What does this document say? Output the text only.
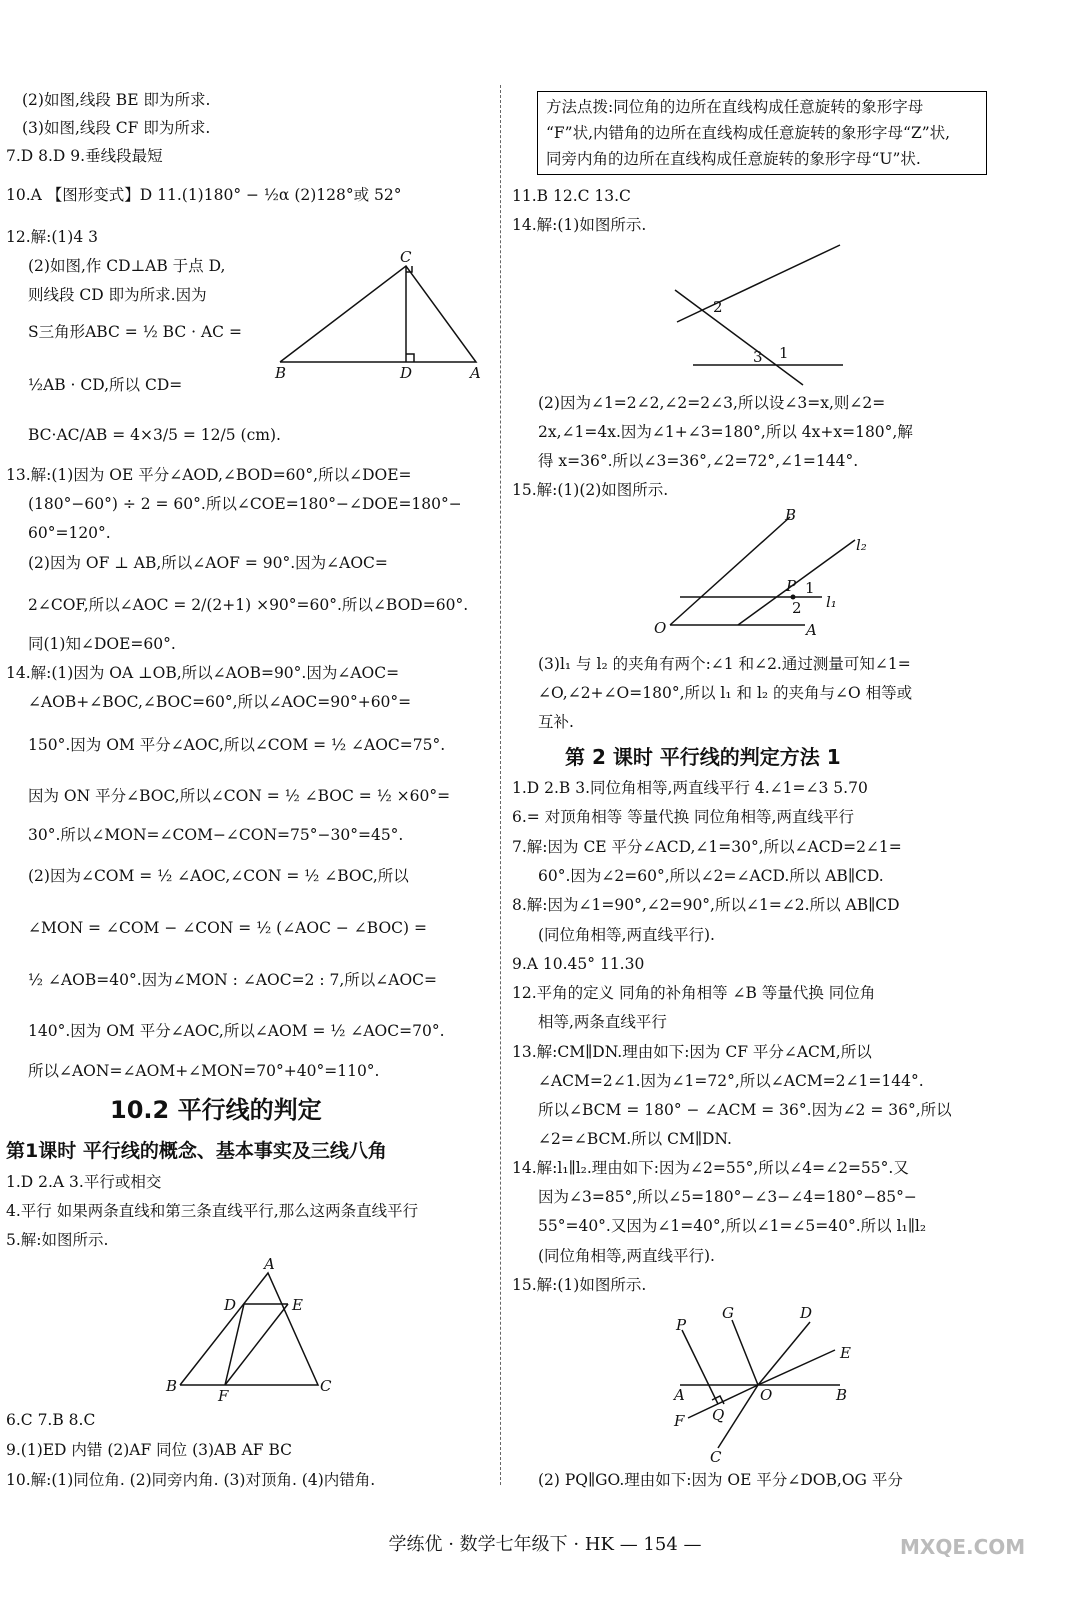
(2)如图,线段 BE 即为所求.
(3)如图,线段 CF 即为所求.
7.D 8.D 9.垂线段最短
10.A 【图形变式】D 11.(1)180° − ½α (2)128°或 52°
12.解:(1)4 3
(2)如图,作 CD⊥AB 于点 D,
则线段 CD 即为所求.因为
S三角形ABC = ½ BC · AC =
½AB · CD,所以 CD=
BC·AC/AB = 4×3/5 = 12/5 (cm).
13.解:(1)因为 OE 平分∠AOD,∠BOD=60°,所以∠DOE=
(180°−60°) ÷ 2 = 60°.所以∠COE=180°−∠DOE=180°−
60°=120°.
(2)因为 OF ⊥ AB,所以∠AOF = 90°.因为∠AOC=
2∠COF,所以∠AOC = 2/(2+1) ×90°=60°.所以∠BOD=60°.
同(1)知∠DOE=60°.
14.解:(1)因为 OA ⊥OB,所以∠AOB=90°.因为∠AOC=
∠AOB+∠BOC,∠BOC=60°,所以∠AOC=90°+60°=
150°.因为 OM 平分∠AOC,所以∠COM = ½ ∠AOC=75°.
因为 ON 平分∠BOC,所以∠CON = ½ ∠BOC = ½ ×60°=
30°.所以∠MON=∠COM−∠CON=75°−30°=45°.
(2)因为∠COM = ½ ∠AOC,∠CON = ½ ∠BOC,所以
∠MON = ∠COM − ∠CON = ½ (∠AOC − ∠BOC) =
½ ∠AOB=40°.因为∠MON : ∠AOC=2 : 7,所以∠AOC=
140°.因为 OM 平分∠AOC,所以∠AOM = ½ ∠AOC=70°.
所以∠AON=∠AOM+∠MON=70°+40°=110°.
10.2 平行线的判定
第1课时 平行线的概念、基本事实及三线八角
1.D 2.A 3.平行或相交
4.平行 如果两条直线和第三条直线平行,那么这两条直线平行
5.解:如图所示.
6.C 7.B 8.C
9.(1)ED 内错 (2)AF 同位 (3)AB AF BC
10.解:(1)同位角. (2)同旁内角. (3)对顶角. (4)内错角.
C
A
B	D
A
D	E
B
F
C
方法点拨:同位角的边所在直线构成任意旋转的象形字母
“F”状,内错角的边所在直线构成任意旋转的象形字母“Z”状,
同旁内角的边所在直线构成任意旋转的象形字母“U”状.
11.B 12.C 13.C
14.解:(1)如图所示.
(2)因为∠1=2∠2,∠2=2∠3,所以设∠3=x,则∠2=
2x,∠1=4x.因为∠1+∠3=180°,所以 4x+x=180°,解
得 x=36°.所以∠3=36°,∠2=72°,∠1=144°.
15.解:(1)(2)如图所示.
(3)l₁ 与 l₂ 的夹角有两个:∠1 和∠2.通过测量可知∠1=
∠O,∠2+∠O=180°,所以 l₁ 和 l₂ 的夹角与∠O 相等或
互补.
第 2 课时 平行线的判定方法 1
1.D 2.B 3.同位角相等,两直线平行 4.∠1=∠3 5.70
6.= 对顶角相等 等量代换 同位角相等,两直线平行
7.解:因为 CE 平分∠ACD,∠1=30°,所以∠ACD=2∠1=
60°.因为∠2=60°,所以∠2=∠ACD.所以 AB∥CD.
8.解:因为∠1=90°,∠2=90°,所以∠1=∠2.所以 AB∥CD
(同位角相等,两直线平行).
9.A 10.45° 11.30
12.平角的定义 同角的补角相等 ∠B 等量代换 同位角
相等,两条直线平行
13.解:CM∥DN.理由如下:因为 CF 平分∠ACM,所以
∠ACM=2∠1.因为∠1=72°,所以∠ACM=2∠1=144°.
所以∠BCM = 180° − ∠ACM = 36°.因为∠2 = 36°,所以
∠2=∠BCM.所以 CM∥DN.
14.解:l₁∥l₂.理由如下:因为∠2=55°,所以∠4=∠2=55°.又
因为∠3=85°,所以∠5=180°−∠3−∠4=180°−85°−
55°=40°.又因为∠1=40°,所以∠1=∠5=40°.所以 l₁∥l₂
(同位角相等,两直线平行).
15.解:(1)如图所示.
(2) PQ∥GO.理由如下:因为 OE 平分∠DOB,OG 平分
2
3 1
B
l₂
P 1
2 l₁
O	A
P
G	D
E
A	O	B
F Q
C
学练优 · 数学七年级下 · HK — 154 —	MXQE.COM
